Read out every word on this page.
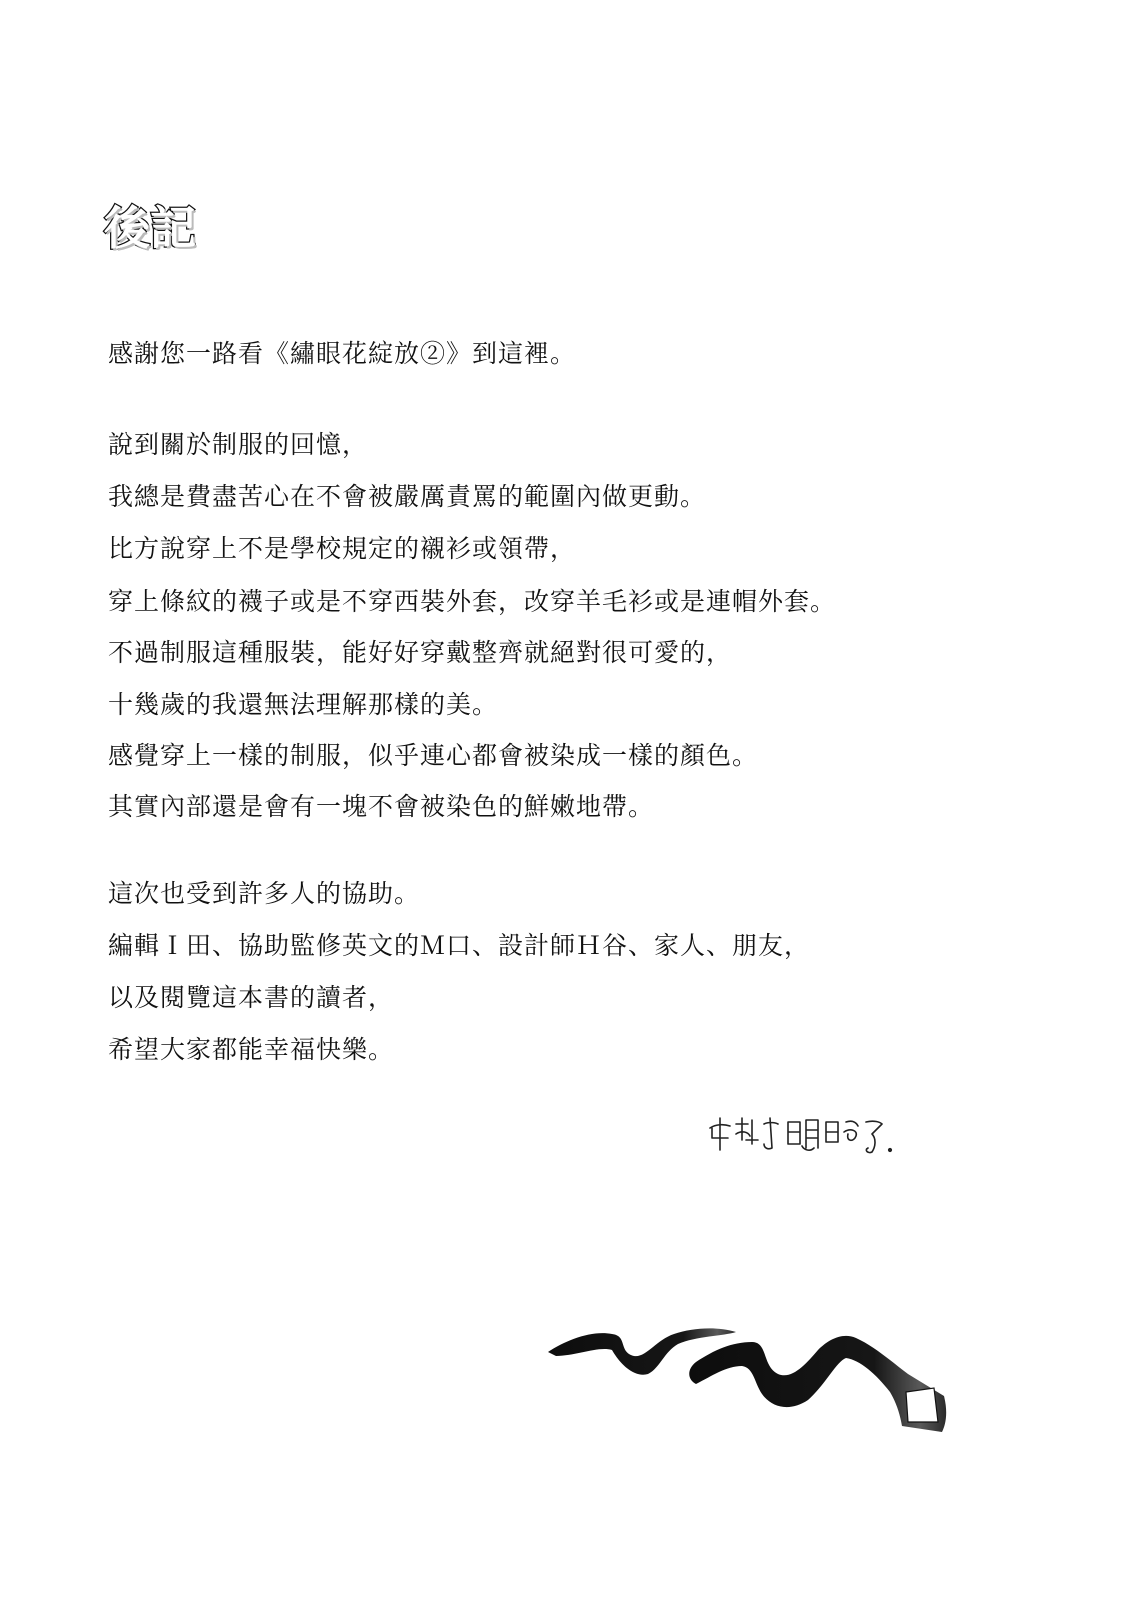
後記
感謝您一路看《繡眼花綻放②》到這裡。
說到關於制服的回憶，
我總是費盡苦心在不會被嚴厲責罵的範圍內做更動。
比方說穿上不是學校規定的襯衫或領帶，
穿上條紋的襪子或是不穿西裝外套，改穿羊毛衫或是連帽外套。
不過制服這種服裝，能好好穿戴整齊就絕對很可愛的，
十幾歲的我還無法理解那樣的美。
感覺穿上一樣的制服，似乎連心都會被染成一樣的顏色。
其實內部還是會有一塊不會被染色的鮮嫩地帶。
這次也受到許多人的協助。
編輯Ｉ田、協助監修英文的Ｍ口、設計師Ｈ谷、家人、朋友，
以及閱覽這本書的讀者，
希望大家都能幸福快樂。
